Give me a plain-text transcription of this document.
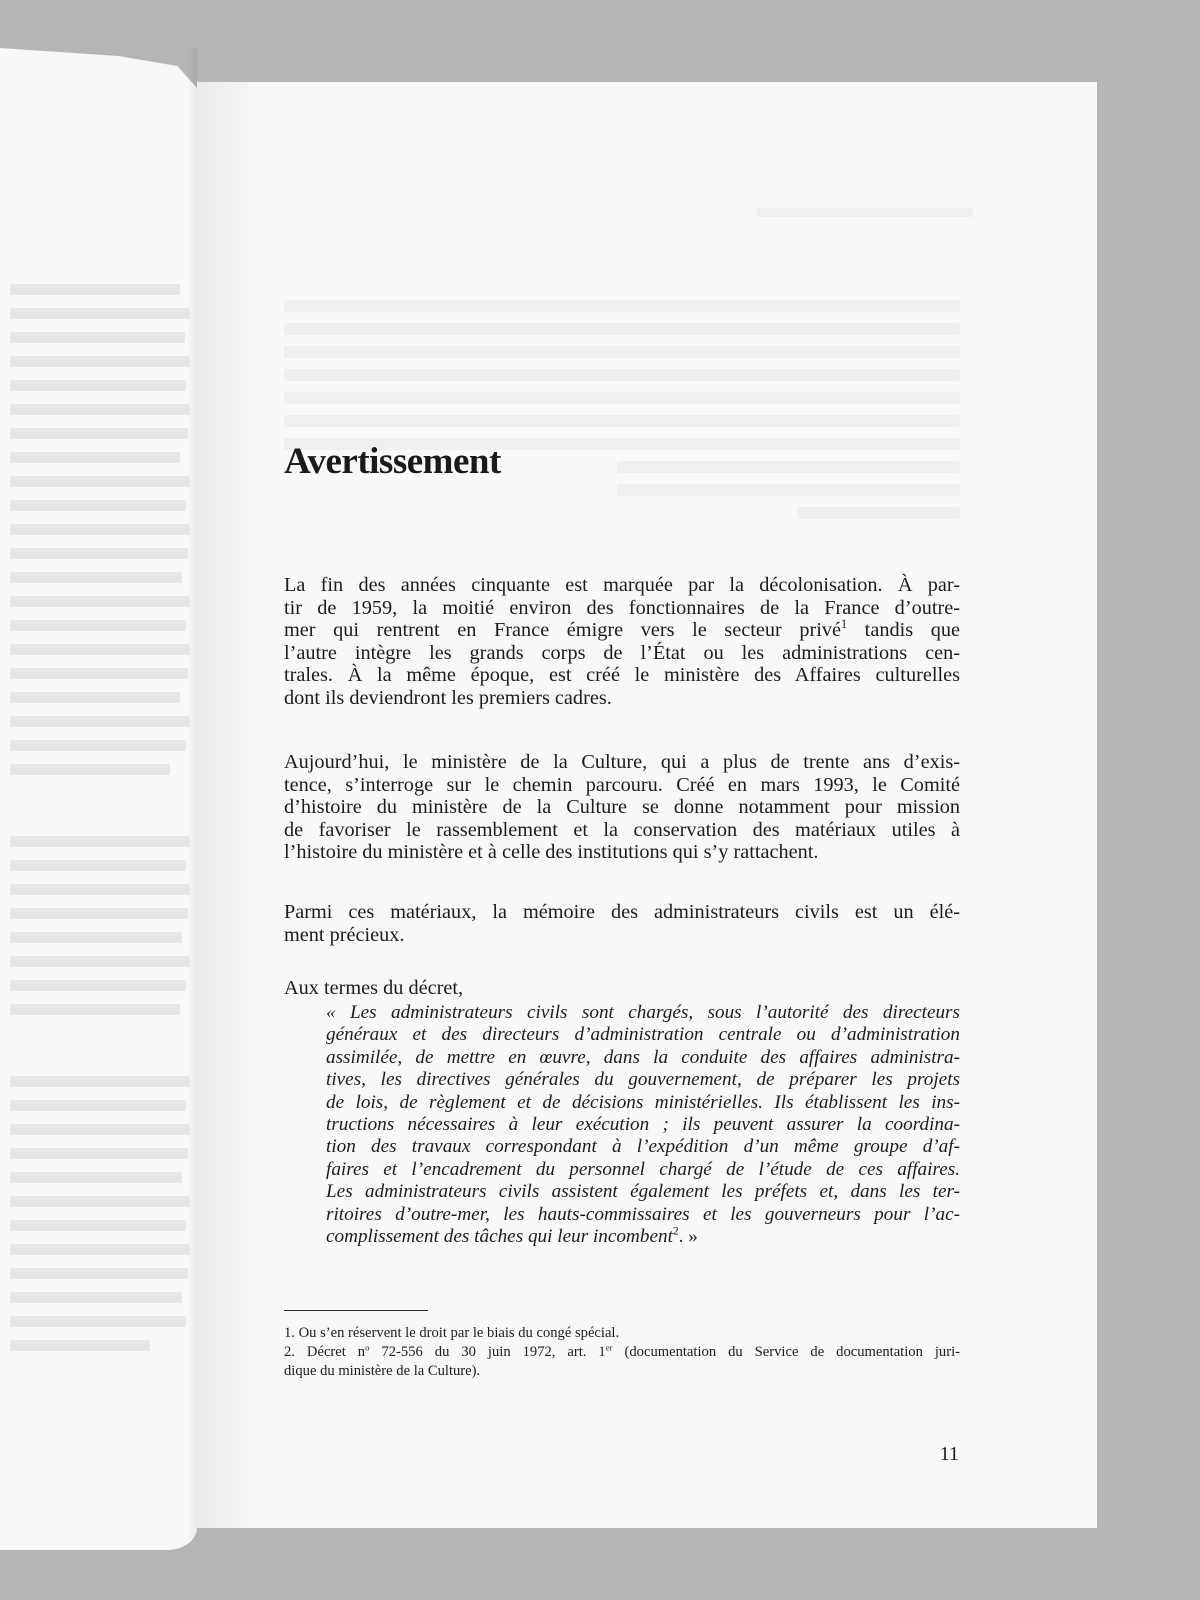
Avertissement

La fin des années cinquante est marquée par la décolonisation. À par-
tir de 1959, la moitié environ des fonctionnaires de la France d’outre-
mer qui rentrent en France émigre vers le secteur privé$^1$ tandis que
l’autre intègre les grands corps de l’État ou les administrations cen-
trales. À la même époque, est créé le ministère des Affaires culturelles
dont ils deviendront les premiers cadres.

Aujourd’hui, le ministère de la Culture, qui a plus de trente ans d’exis-
tence, s’interroge sur le chemin parcouru. Créé en mars 1993, le Comité
d’histoire du ministère de la Culture se donne notamment pour mission
de favoriser le rassemblement et la conservation des matériaux utiles à
l’histoire du ministère et à celle des institutions qui s’y rattachent.

Parmi ces matériaux, la mémoire des administrateurs civils est un élé-
ment précieux.

Aux termes du décret,

« Les administrateurs civils sont chargés, sous l’autorité des directeurs
généraux et des directeurs d’administration centrale ou d’administration
assimilée, de mettre en œuvre, dans la conduite des affaires administra-
tives, les directives générales du gouvernement, de préparer les projets
de lois, de règlement et de décisions ministérielles. Ils établissent les ins-
tructions nécessaires à leur exécution ; ils peuvent assurer la coordina-
tion des travaux correspondant à l’expédition d’un même groupe d’af-
faires et l’encadrement du personnel chargé de l’étude de ces affaires.
Les administrateurs civils assistent également les préfets et, dans les ter-
ritoires d’outre-mer, les hauts-commissaires et les gouverneurs pour l’ac-
complissement des tâches qui leur incombent$^2$. »

1. Ou s’en réservent le droit par le biais du congé spécial.
2. Décret $n^o$ 72-556 du 30 juin 1972, art. 1er (documentation du Service de documentation juri-
dique du ministère de la Culture).
11
